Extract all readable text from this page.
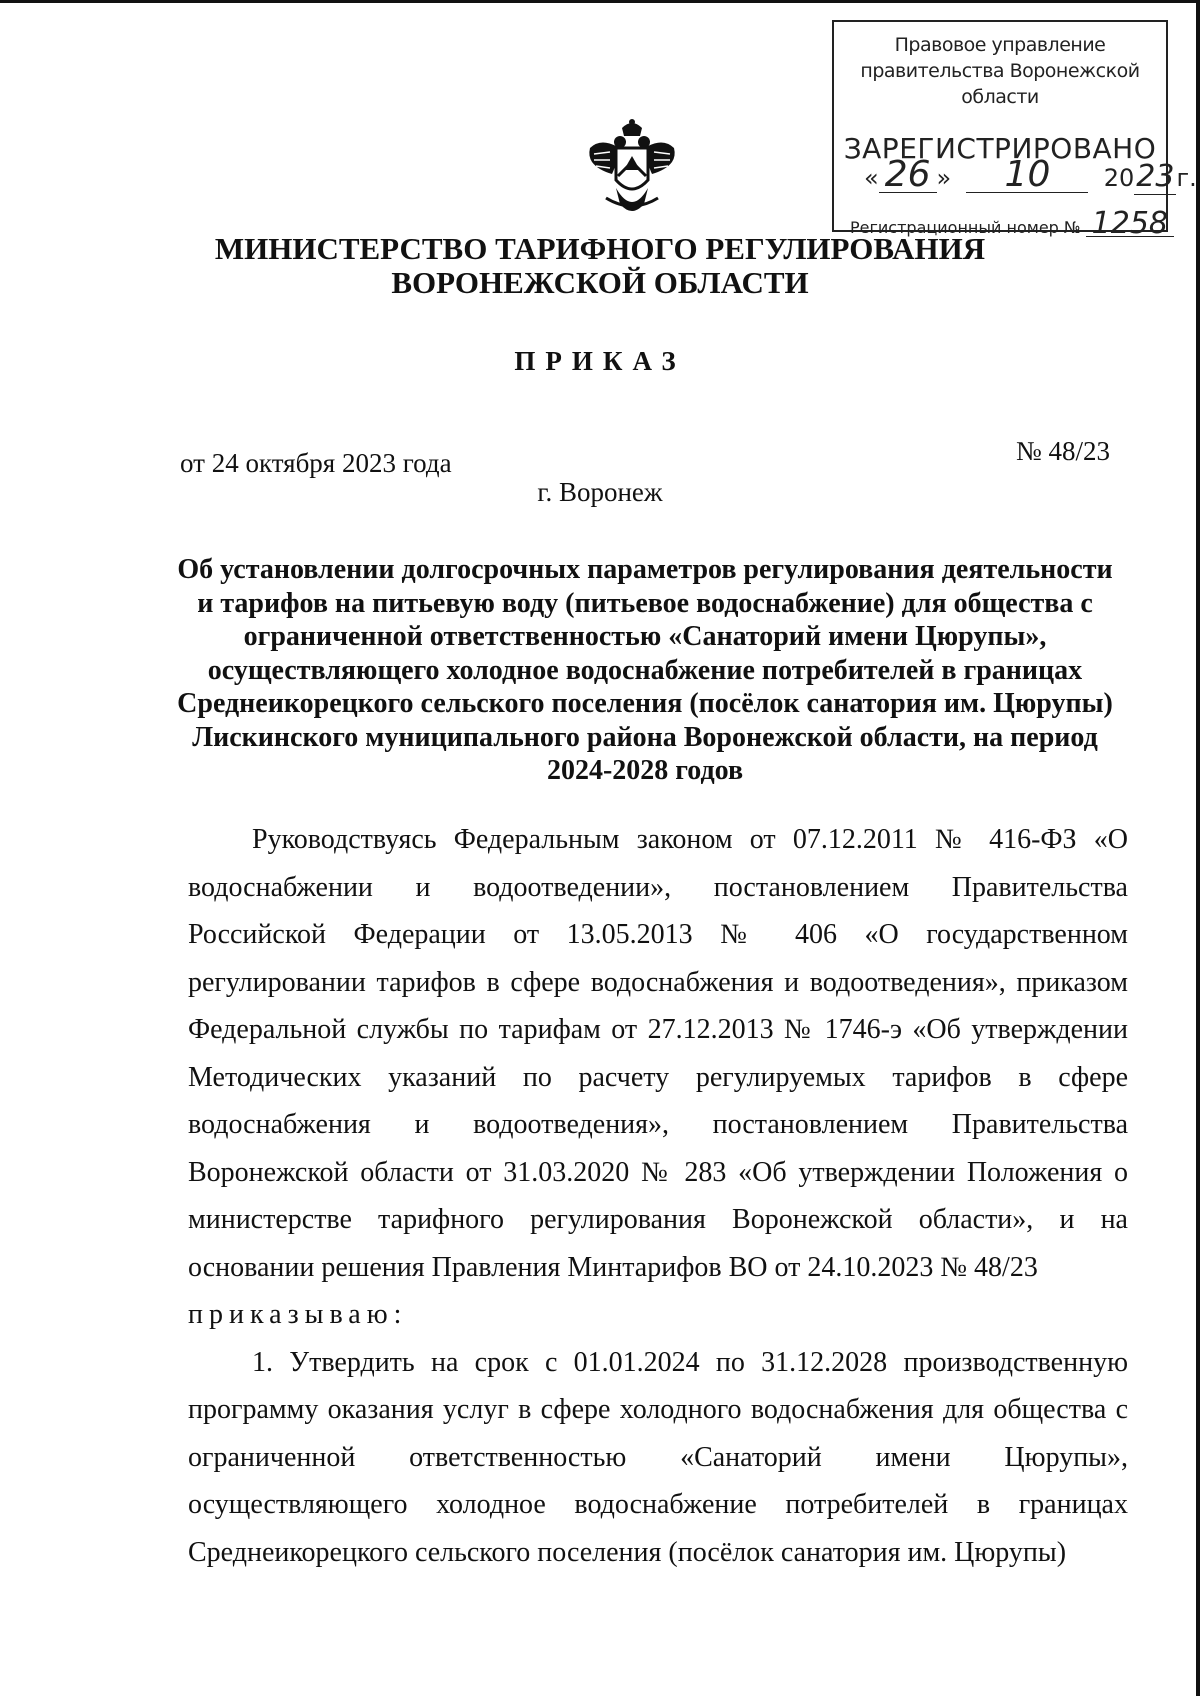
Правовое управление правительства Воронежской области
ЗАРЕГИСТРИРОВАНО
« 26 »  10 2023г.
Регистрационный номер № 1258
МИНИСТЕРСТВО ТАРИФНОГО РЕГУЛИРОВАНИЯ
ВОРОНЕЖСКОЙ ОБЛАСТИ
ПРИКАЗ
от 24 октября 2023 года	№ 48/23
г. Воронеж
Об установлении долгосрочных параметров регулирования деятельности и тарифов на питьевую воду (питьевое водоснабжение) для общества с ограниченной ответственностью «Санаторий имени Цюрупы», осуществляющего холодное водоснабжение потребителей в границах Среднеикорецкого сельского поселения (посёлок санатория им. Цюрупы) Лискинского муниципального района Воронежской области, на период 2024-2028 годов

Руководствуясь Федеральным законом от 07.12.2011 № 416-ФЗ «О водоснабжении и водоотведении», постановлением Правительства Российской Федерации от 13.05.2013 № 406 «О государственном регулировании тарифов в сфере водоснабжения и водоотведения», приказом Федеральной службы по тарифам от 27.12.2013 № 1746-э «Об утверждении Методических указаний по расчету регулируемых тарифов в сфере водоснабжения и водоотведения», постановлением Правительства Воронежской области от 31.03.2020 № 283 «Об утверждении Положения о министерстве тарифного регулирования Воронежской области», и на основании решения Правления Минтарифов ВО от 24.10.2023 № 48/23

приказываю:

1. Утвердить на срок с 01.01.2024 по 31.12.2028 производственную программу оказания услуг в сфере холодного водоснабжения для общества с ограниченной ответственностью «Санаторий имени Цюрупы», осуществляющего холодное водоснабжение потребителей в границах Среднеикорецкого сельского поселения (посёлок санатория им. Цюрупы)
